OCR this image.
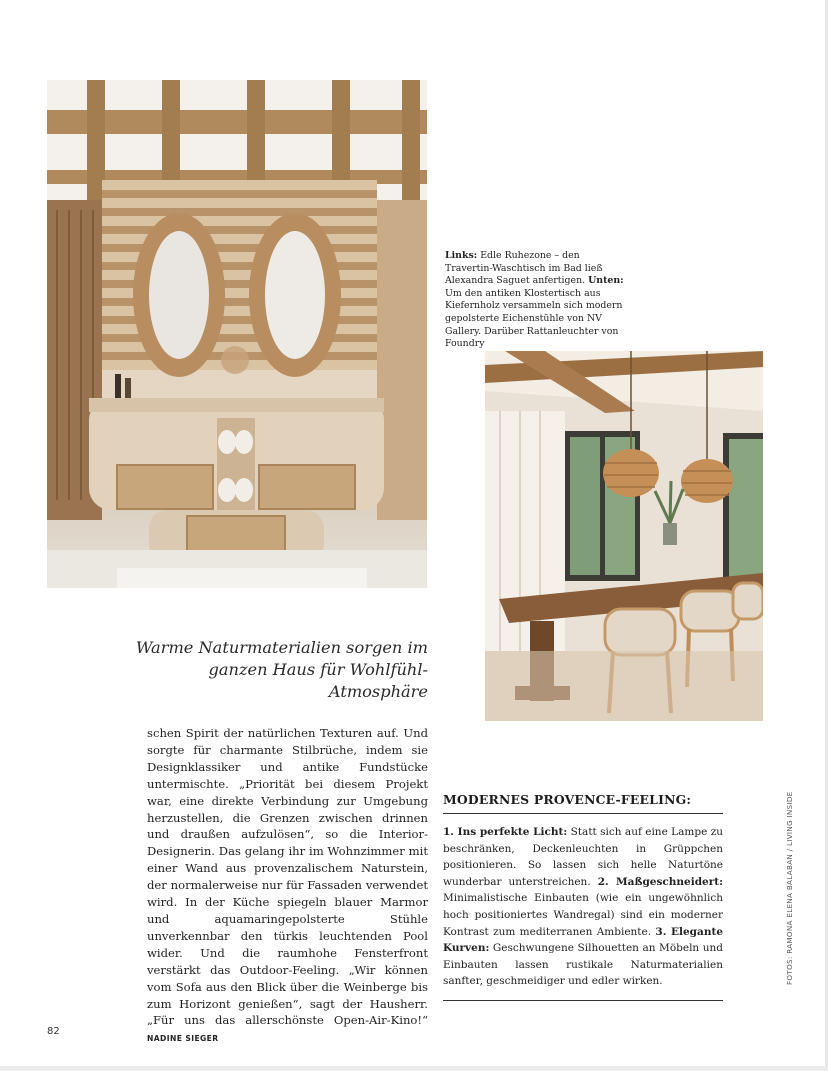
Links: Edle Ruhezone – den Travertin-Waschtisch im Bad ließ Alexandra Saguet anfertigen. Unten: Um den antiken Klostertisch aus Kiefernholz versammeln sich modern gepolsterte Eichenstühle von NV Gallery. Darüber Rattanleuchter von Foundry

Warme Naturmaterialien sorgen im ganzen Haus für Wohlfühl-Atmosphäre

schen Spirit der natürlichen Texturen auf. Und sorgte für charmante Stilbrüche, indem sie Designklassiker und antike Fundstücke untermischte. „Priorität bei diesem Projekt war, eine direkte Verbindung zur Umgebung herzustellen, die Grenzen zwischen drinnen und draußen aufzulösen“, so die Interior-Designerin. Das gelang ihr im Wohnzimmer mit einer Wand aus provenzalischem Naturstein, der normalerweise nur für Fassaden verwendet wird. In der Küche spiegeln blauer Marmor und aquamaringepolsterte Stühle unverkennbar den türkis leuchtenden Pool wider. Und die raumhohe Fensterfront verstärkt das Outdoor-Feeling. „Wir können vom Sofa aus den Blick über die Weinberge bis zum Horizont genießen“, sagt der Hausherr. „Für uns das allerschönste Open-Air-Kino!“ NADINE SIEGER

MODERNES PROVENCE-FEELING:

1. Ins perfekte Licht: Statt sich auf eine Lampe zu beschränken, Deckenleuchten in Grüppchen positionieren. So lassen sich helle Naturtöne wunderbar unterstreichen. 2. Maßgeschneidert: Minimalistische Einbauten (wie ein ungewöhnlich hoch positioniertes Wandregal) sind ein moderner Kontrast zum mediterranen Ambiente. 3. Elegante Kurven: Geschwungene Silhouetten an Möbeln und Einbauten lassen rustikale Naturmaterialien sanfter, geschmeidiger und edler wirken.	FOTOS: RAMONA ELENA BALABAN / LIVING INSIDE
82
